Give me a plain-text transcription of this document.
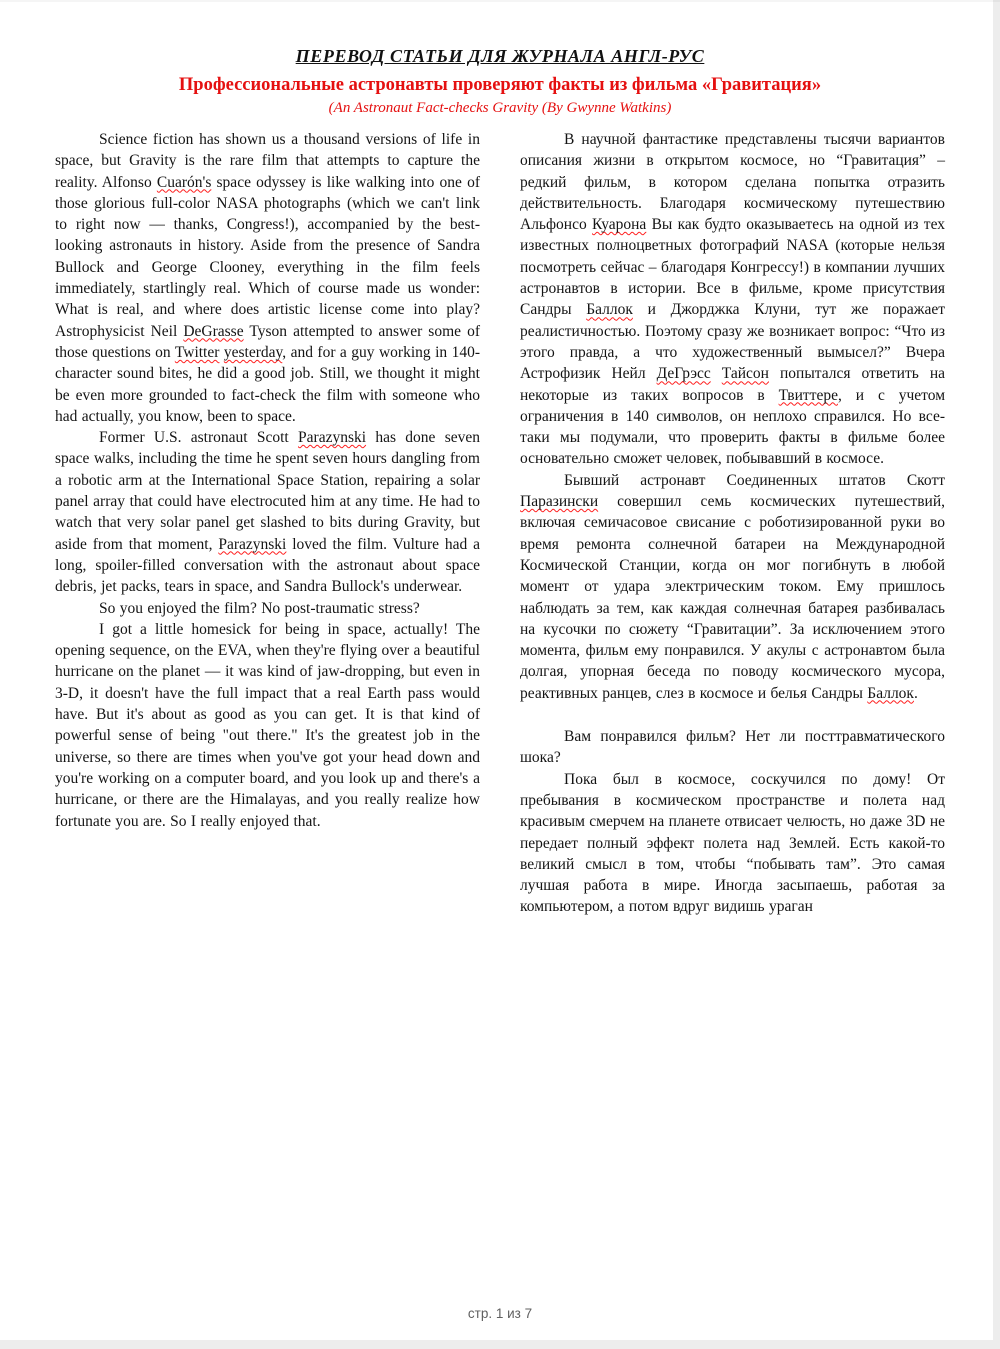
ПЕРЕВОД СТАТЬИ ДЛЯ ЖУРНАЛА АНГЛ-РУС
Профессиональные астронавты проверяют факты из фильма «Гравитация»
(An Astronaut Fact-checks Gravity (By Gwynne Watkins)

Science fiction has shown us a thousand versions of life in space, but Gravity is the rare film that attempts to capture the reality. Alfonso Cuarón's space odyssey is like walking into one of those glorious full-color NASA photographs (which we can't link to right now — thanks, Congress!), accompanied by the best-looking astronauts in history. Aside from the presence of Sandra Bullock and George Clooney, everything in the film feels immediately, startlingly real. Which of course made us wonder: What is real, and where does artistic license come into play? Astrophysicist Neil DeGrasse Tyson attempted to answer some of those questions on Twitter yesterday, and for a guy working in 140-character sound bites, he did a good job. Still, we thought it might be even more grounded to fact-check the film with someone who had actually, you know, been to space.

Former U.S. astronaut Scott Parazynski has done seven space walks, including the time he spent seven hours dangling from a robotic arm at the International Space Station, repairing a solar panel array that could have electrocuted him at any time. He had to watch that very solar panel get slashed to bits during Gravity, but aside from that moment, Parazynski loved the film. Vulture had a long, spoiler-filled conversation with the astronaut about space debris, jet packs, tears in space, and Sandra Bullock's underwear.

So you enjoyed the film? No post-traumatic stress?

I got a little homesick for being in space, actually! The opening sequence, on the EVA, when they're flying over a beautiful hurricane on the planet — it was kind of jaw-dropping, but even in 3-D, it doesn't have the full impact that a real Earth pass would have. But it's about as good as you can get. It is that kind of powerful sense of being "out there." It's the greatest job in the universe, so there are times when you've got your head down and you're working on a computer board, and you look up and there's a hurricane, or there are the Himalayas, and you really realize how fortunate you are. So I really enjoyed that.

В научной фантастике представлены тысячи вариантов описания жизни в открытом космосе, но “Гравитация” – редкий фильм, в котором сделана попытка отразить действительность. Благодаря космическому путешествию Альфонсо Куарона Вы как будто оказываетесь на одной из тех известных полноцветных фотографий NASA (которые нельзя посмотреть сейчас – благодаря Конгрессу!) в компании лучших астронавтов в истории. Все в фильме, кроме присутствия Сандры Баллок и Джорджка Клуни, тут же поражает реалистичностью. Поэтому сразу же возникает вопрос: “Что из этого правда, а что художественный вымысел?” Вчера Астрофизик Нейл ДеГрэсс Тайсон попытался ответить на некоторые из таких вопросов в Твиттере, и с учетом ограничения в 140 символов, он неплохо справился. Но все-таки мы подумали, что проверить факты в фильме более основательно сможет человек, побывавший в космосе.

Бывший астронавт Соединенных штатов Скотт Паразински совершил семь космических путешествий, включая семичасовое свисание с роботизированной руки во время ремонта солнечной батареи на Международной Космической Станции, когда он мог погибнуть в любой момент от удара электрическим током. Ему пришлось наблюдать за тем, как каждая солнечная батарея разбивалась на кусочки по сюжету “Гравитации”. За исключением этого момента, фильм ему понравился. У акулы с астронавтом была долгая, упорная беседа по поводу космического мусора, реактивных ранцев, слез в космосе и белья Сандры Баллок.

Вам понравился фильм? Нет ли посттравматического шока?

Пока был в космосе, соскучился по дому! От пребывания в космическом пространстве и полета над красивым смерчем на планете отвисает челюсть, но даже 3D не передает полный эффект полета над Землей. Есть какой-то великий смысл в том, чтобы “побывать там”. Это самая лучшая работа в мире. Иногда засыпаешь, работая за компьютером, а потом вдруг видишь ураган

стр. 1 из 7
